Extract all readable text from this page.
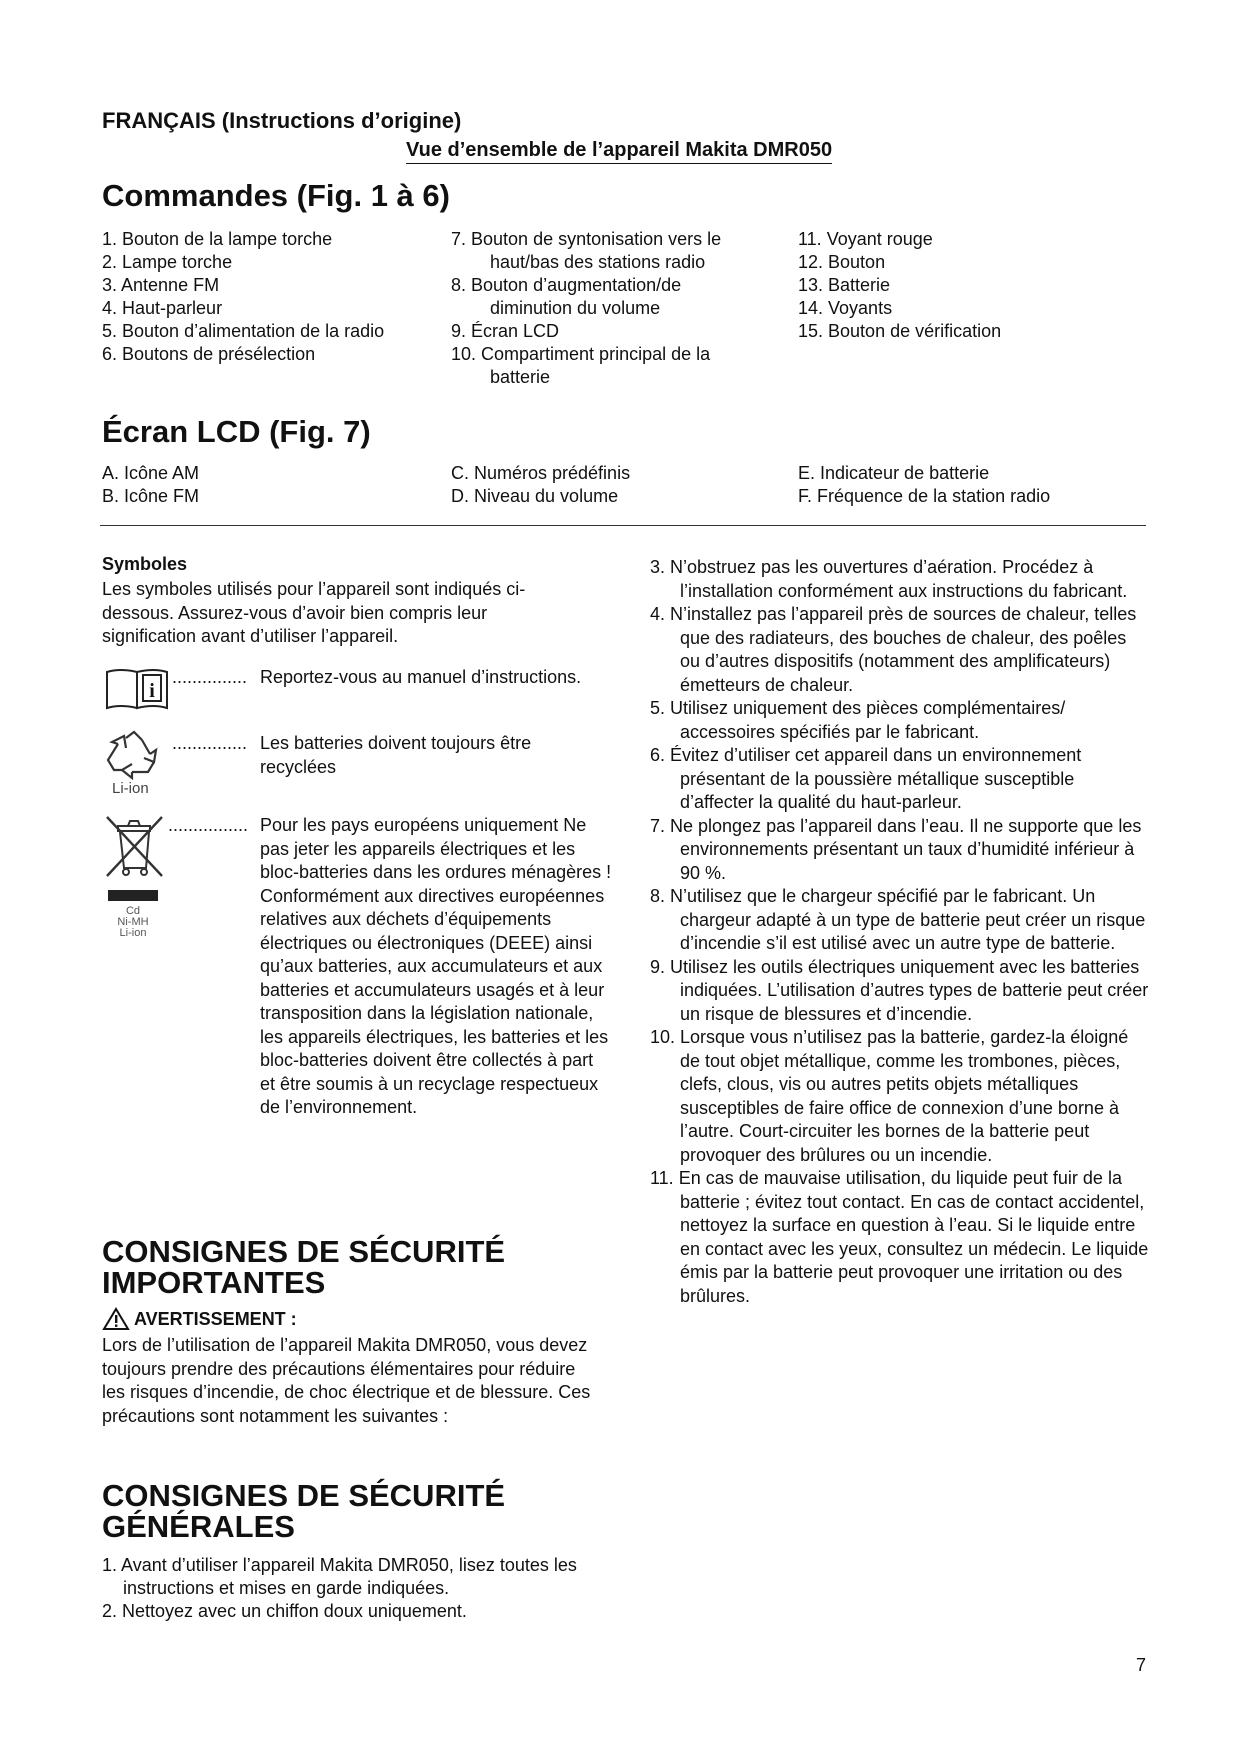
FRANÇAIS (Instructions d’origine)
Vue d’ensemble de l’appareil Makita DMR050
Commandes (Fig. 1 à 6)
1. Bouton de la lampe torche
2. Lampe torche
3. Antenne FM
4. Haut-parleur
5. Bouton d’alimentation de la radio
6. Boutons de présélection
7. Bouton de syntonisation vers le
haut/bas des stations radio
8. Bouton d’augmentation/de
diminution du volume
9. Écran LCD
10. Compartiment principal de la
batterie
11. Voyant rouge
12. Bouton
13. Batterie
14. Voyants
15. Bouton de vérification
Écran LCD (Fig. 7)
A. Icône AM
B. Icône FM
C. Numéros prédéfinis
D. Niveau du volume
E. Indicateur de batterie
F. Fréquence de la station radio
Symboles
Les symboles utilisés pour l’appareil sont indiqués ci-dessous. Assurez-vous d’avoir bien compris leur signification avant d’utiliser l’appareil.
i
............... Reportez-vous au manuel d’instructions.
Li-ion
............... Les batteries doivent toujours être recyclées
Cd
Ni-MH
Li-ion
................ Pour les pays européens uniquement Ne pas jeter les appareils électriques et les bloc-batteries dans les ordures ménagères ! Conformément aux directives européennes relatives aux déchets d’équipements électriques ou électroniques (DEEE) ainsi qu’aux batteries, aux accumulateurs et aux batteries et accumulateurs usagés et à leur transposition dans la législation nationale, les appareils électriques, les batteries et les bloc-batteries doivent être collectés à part et être soumis à un recyclage respectueux de l’environnement.
CONSIGNES DE SÉCURITÉ
IMPORTANTES
AVERTISSEMENT :
Lors de l’utilisation de l’appareil Makita DMR050, vous devez toujours prendre des précautions élémentaires pour réduire les risques d’incendie, de choc électrique et de blessure. Ces précautions sont notamment les suivantes :
CONSIGNES DE SÉCURITÉ
GÉNÉRALES
1. Avant d’utiliser l’appareil Makita DMR050, lisez toutes les instructions et mises en garde indiquées.
2. Nettoyez avec un chiffon doux uniquement.
3. N’obstruez pas les ouvertures d’aération. Procédez à l’installation conformément aux instructions du fabricant.
4. N’installez pas l’appareil près de sources de chaleur, telles que des radiateurs, des bouches de chaleur, des poêles ou d’autres dispositifs (notamment des amplificateurs) émetteurs de chaleur.
5. Utilisez uniquement des pièces complémentaires/ accessoires spécifiés par le fabricant.
6. Évitez d’utiliser cet appareil dans un environnement présentant de la poussière métallique susceptible d’affecter la qualité du haut-parleur.
7. Ne plongez pas l’appareil dans l’eau. Il ne supporte que les environnements présentant un taux d’humidité inférieur à 90 %.
8. N’utilisez que le chargeur spécifié par le fabricant. Un chargeur adapté à un type de batterie peut créer un risque d’incendie s’il est utilisé avec un autre type de batterie.
9. Utilisez les outils électriques uniquement avec les batteries indiquées. L’utilisation d’autres types de batterie peut créer un risque de blessures et d’incendie.
10. Lorsque vous n’utilisez pas la batterie, gardez-la éloigné de tout objet métallique, comme les trombones, pièces, clefs, clous, vis ou autres petits objets métalliques susceptibles de faire office de connexion d’une borne à l’autre. Court-circuiter les bornes de la batterie peut provoquer des brûlures ou un incendie.
11. En cas de mauvaise utilisation, du liquide peut fuir de la batterie ; évitez tout contact. En cas de contact accidentel, nettoyez la surface en question à l’eau. Si le liquide entre en contact avec les yeux, consultez un médecin. Le liquide émis par la batterie peut provoquer une irritation ou des brûlures.
7
